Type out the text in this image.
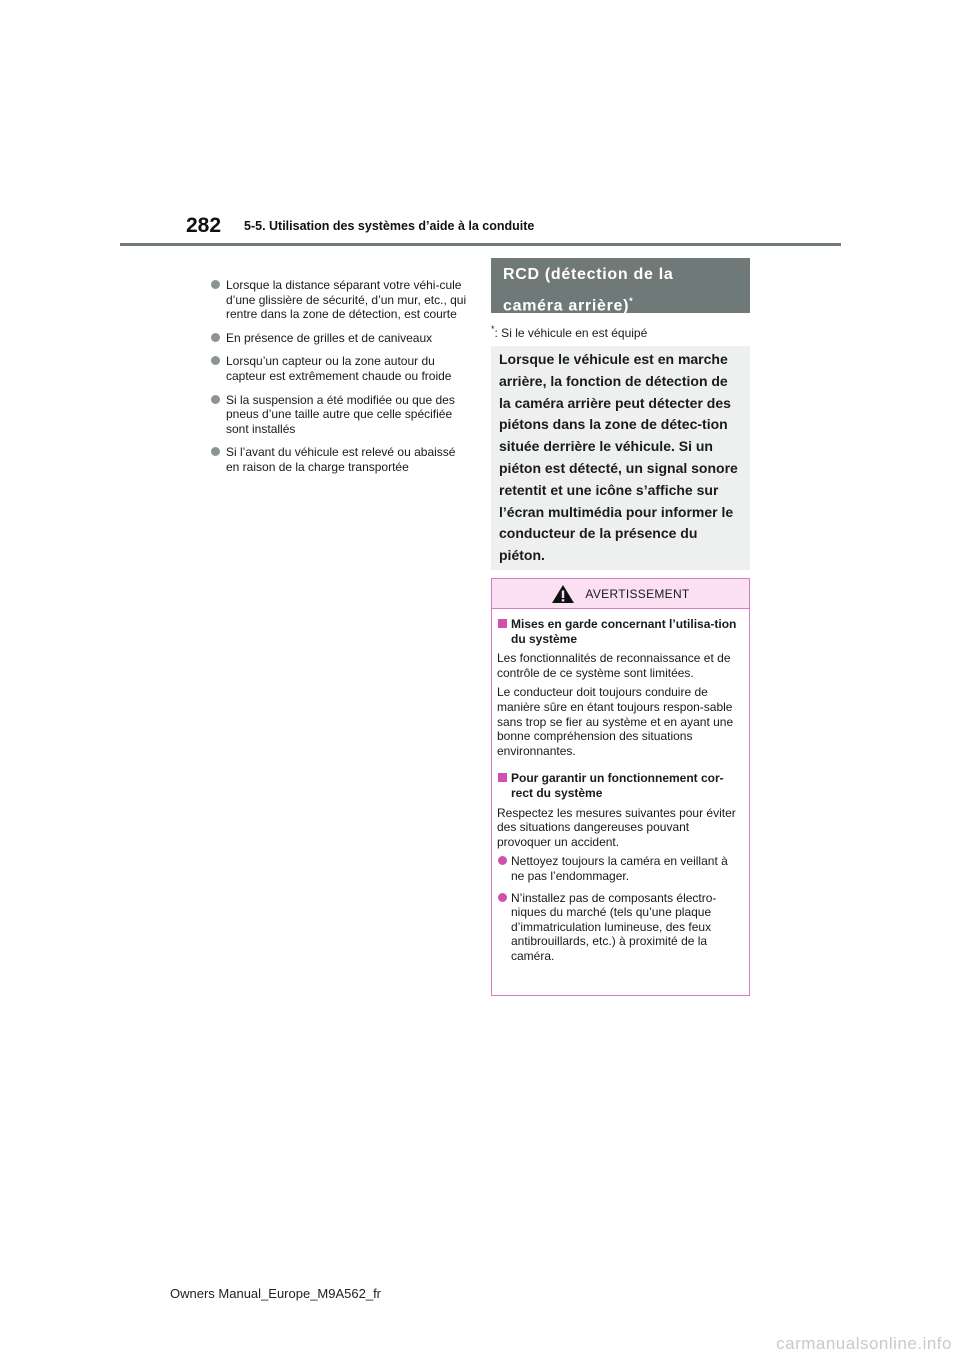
282 5-5. Utilisation des systèmes d’aide à la conduite
Lorsque la distance séparant votre véhi-cule d’une glissière de sécurité, d’un mur, etc., qui rentre dans la zone de détection, est courte
En présence de grilles et de caniveaux
Lorsqu’un capteur ou la zone autour du capteur est extrêmement chaude ou froide
Si la suspension a été modifiée ou que des pneus d’une taille autre que celle spécifiée sont installés
Si l’avant du véhicule est relevé ou abaissé en raison de la charge transportée
RCD (détection de la
caméra arrière)*
*: Si le véhicule en est équipé
Lorsque le véhicule est en marche arrière, la fonction de détection de la caméra arrière peut détecter des piétons dans la zone de détec-tion située derrière le véhicule. Si un piéton est détecté, un signal sonore retentit et une icône s’affiche sur l’écran multimédia pour informer le conducteur de la présence du piéton.
AVERTISSEMENT
Mises en garde concernant l’utilisa-tion du système
Les fonctionnalités de reconnaissance et de contrôle de ce système sont limitées.
Le conducteur doit toujours conduire de manière sûre en étant toujours respon-sable sans trop se fier au système et en ayant une bonne compréhension des situations environnantes.
Pour garantir un fonctionnement cor-rect du système
Respectez les mesures suivantes pour éviter des situations dangereuses pouvant provoquer un accident.
Nettoyez toujours la caméra en veillant à ne pas l’endommager.
N’installez pas de composants électro-niques du marché (tels qu’une plaque d’immatriculation lumineuse, des feux antibrouillards, etc.) à proximité de la caméra.
Owners Manual_Europe_M9A562_fr
carmanualsonline.info
